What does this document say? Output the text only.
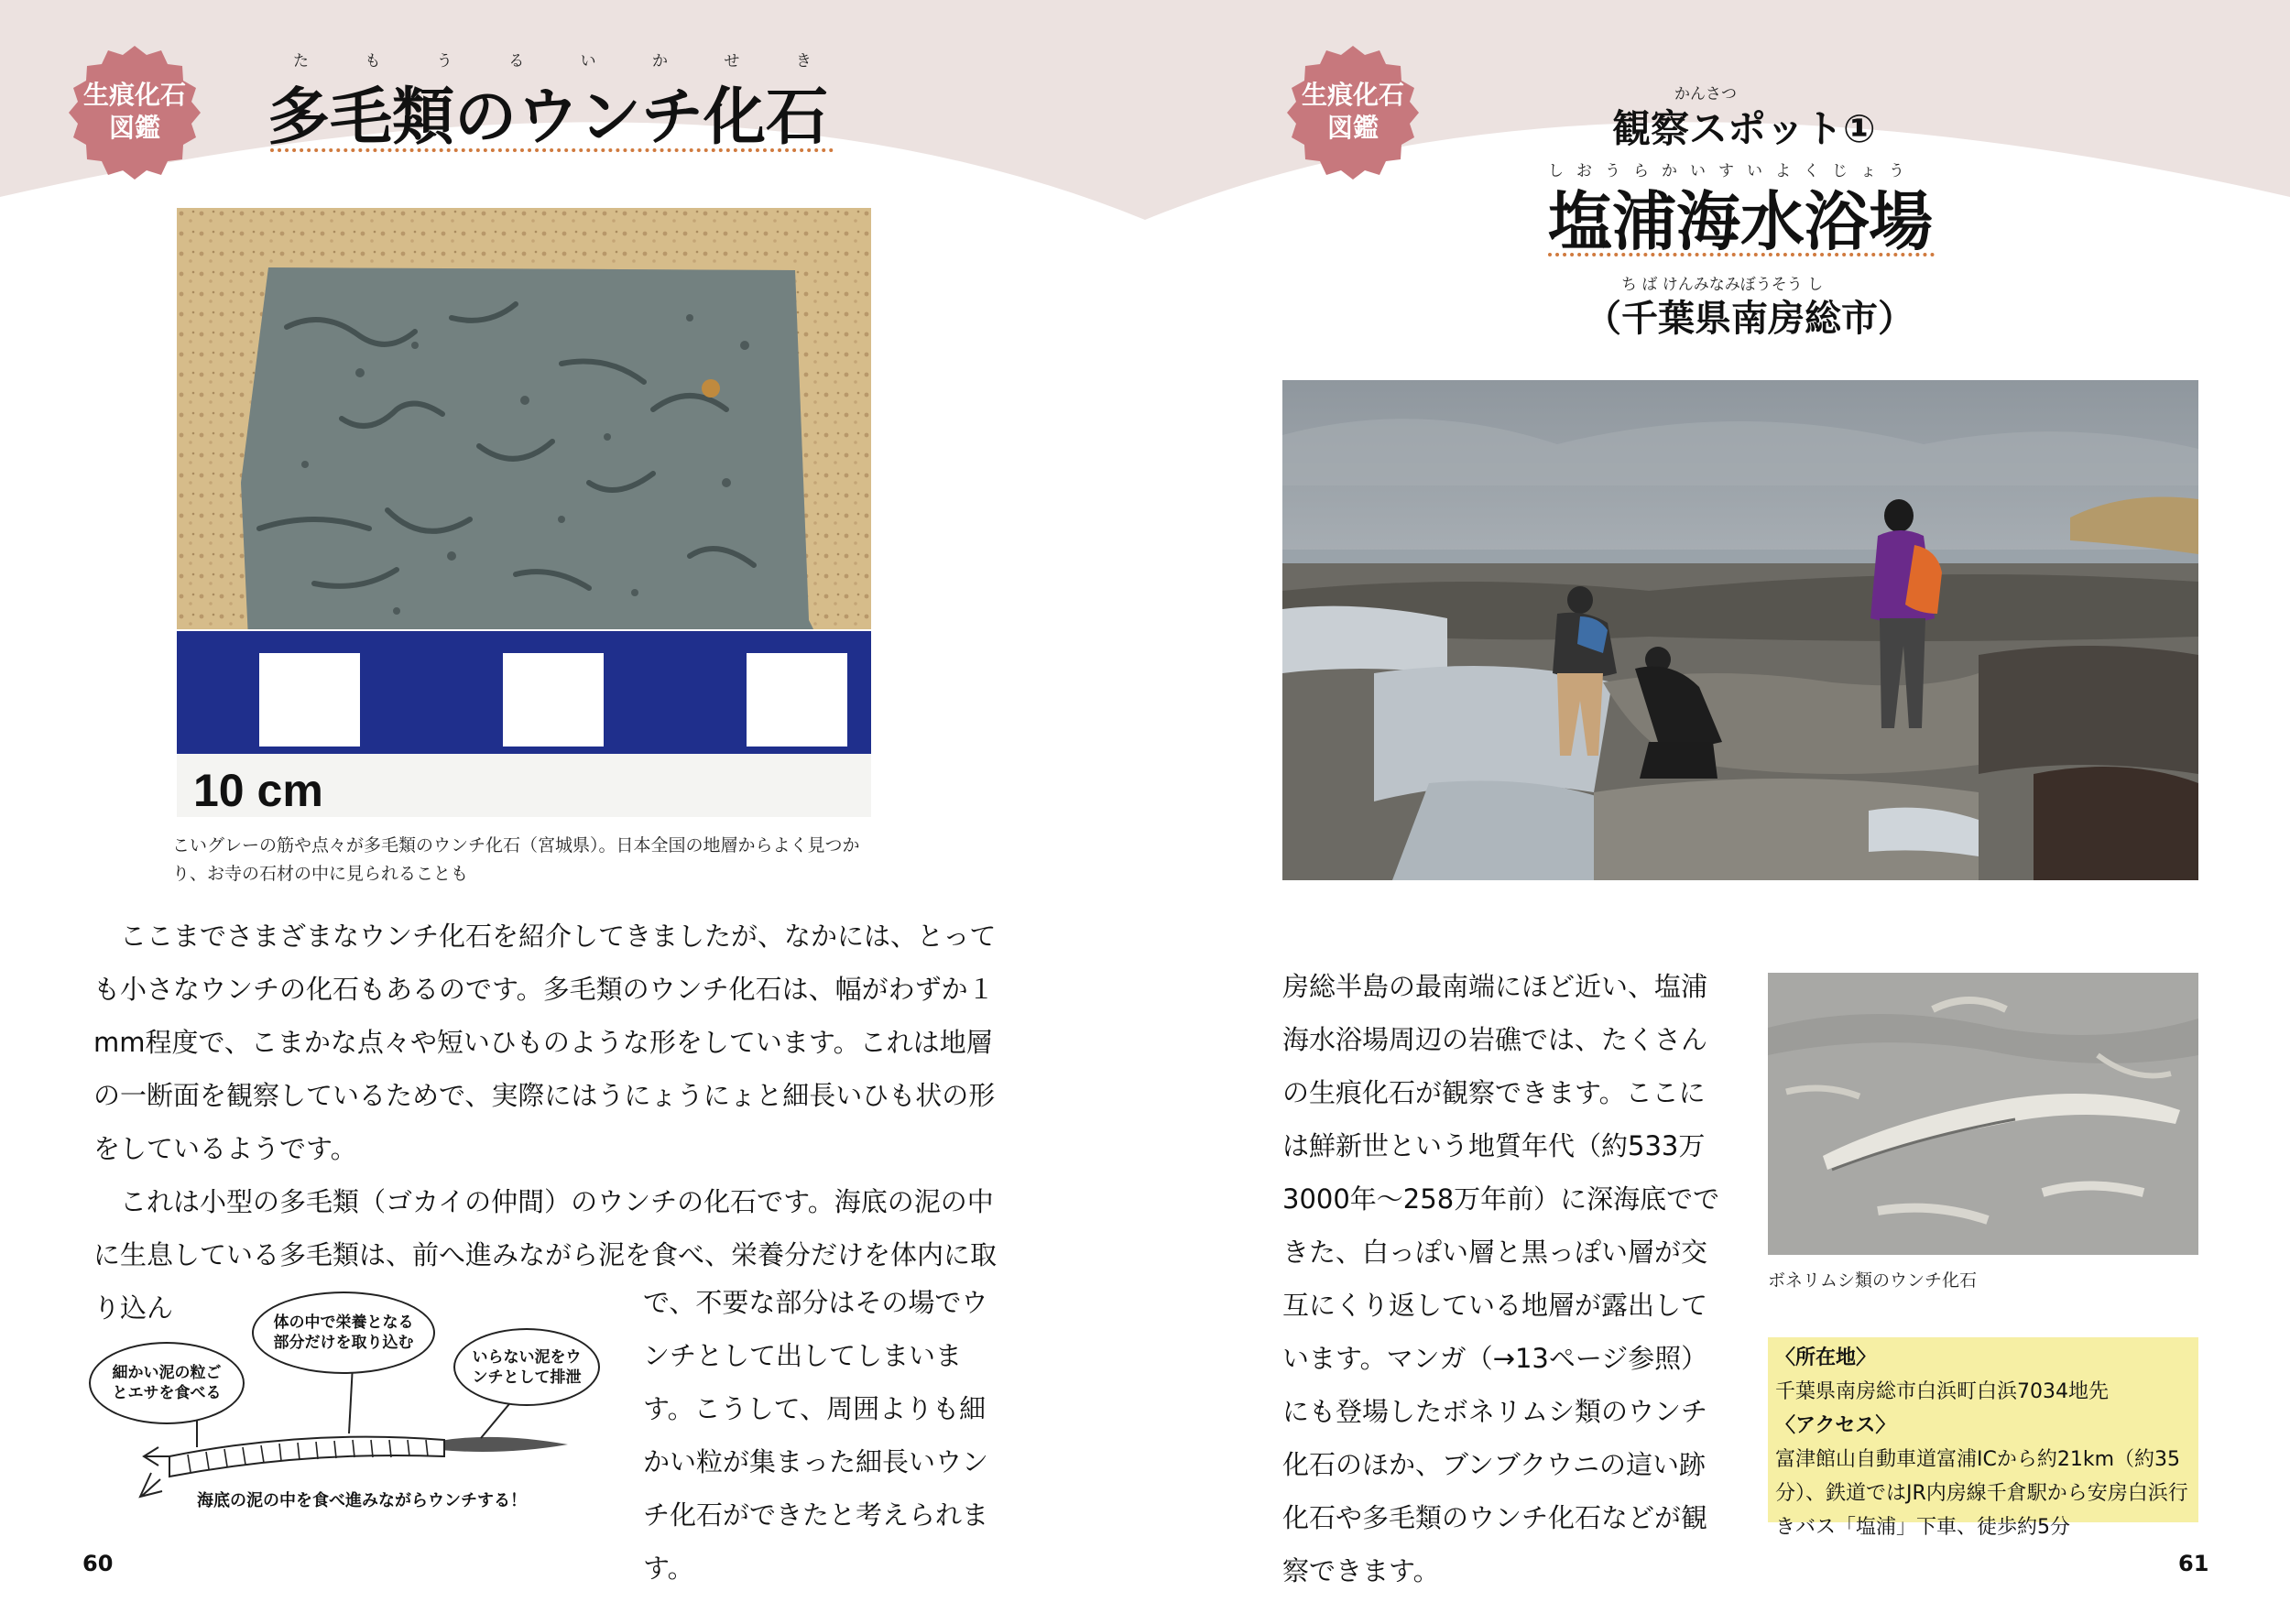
生痕化石
図鑑
た も う る い か せ き
多毛類のウンチ化石
10 cm
こいグレーの筋や点々が多毛類のウンチ化石（宮城県）。日本全国の地層からよく見つかり、お寺の石材の中に見られることも

ここまでさまざまなウンチ化石を紹介してきましたが、なかには、とっても小さなウンチの化石もあるのです。多毛類のウンチ化石は、幅がわずか１mm程度で、こまかな点々や短いひものような形をしています。これは地層の一断面を観察しているためで、実際にはうにょうにょと細長いひも状の形をしているようです。

これは小型の多毛類（ゴカイの仲間）のウンチの化石です。海底の泥の中に生息している多毛類は、前へ進みながら泥を食べ、栄養分だけを体内に取り込ん	で、不要な部分はその場でウンチとして出してしまいます。こうして、周囲よりも細かい粒が集まった細長いウンチ化石ができたと考えられます。
細かい泥の粒ごとエサを食べる
体の中で栄養となる部分だけを取り込む
いらない泥をウンチとして排泄
海底の泥の中を食べ進みながらウンチする！
60
生痕化石
図鑑
かんさつ
観察スポット①
しおうらかいすいよくじょう
塩浦海水浴場
ち ば けんみなみぼうそう し
（千葉県南房総市）
房総半島の最南端にほど近い、塩浦海水浴場周辺の岩礁では、たくさんの生痕化石が観察できます。ここには鮮新世という地質年代（約533万3000年〜258万年前）に深海底でできた、白っぽい層と黒っぽい層が交互にくり返している地層が露出しています。マンガ（→13ページ参照）にも登場したボネリムシ類のウンチ化石のほか、ブンブクウニの這い跡化石や多毛類のウンチ化石などが観察できます。
ボネリムシ類のウンチ化石
〈所在地〉
千葉県南房総市白浜町白浜7034地先
〈アクセス〉
富津館山自動車道富浦ICから約21km（約35分）、鉄道ではJR内房線千倉駅から安房白浜行きバス「塩浦」下車、徒歩約5分
61
